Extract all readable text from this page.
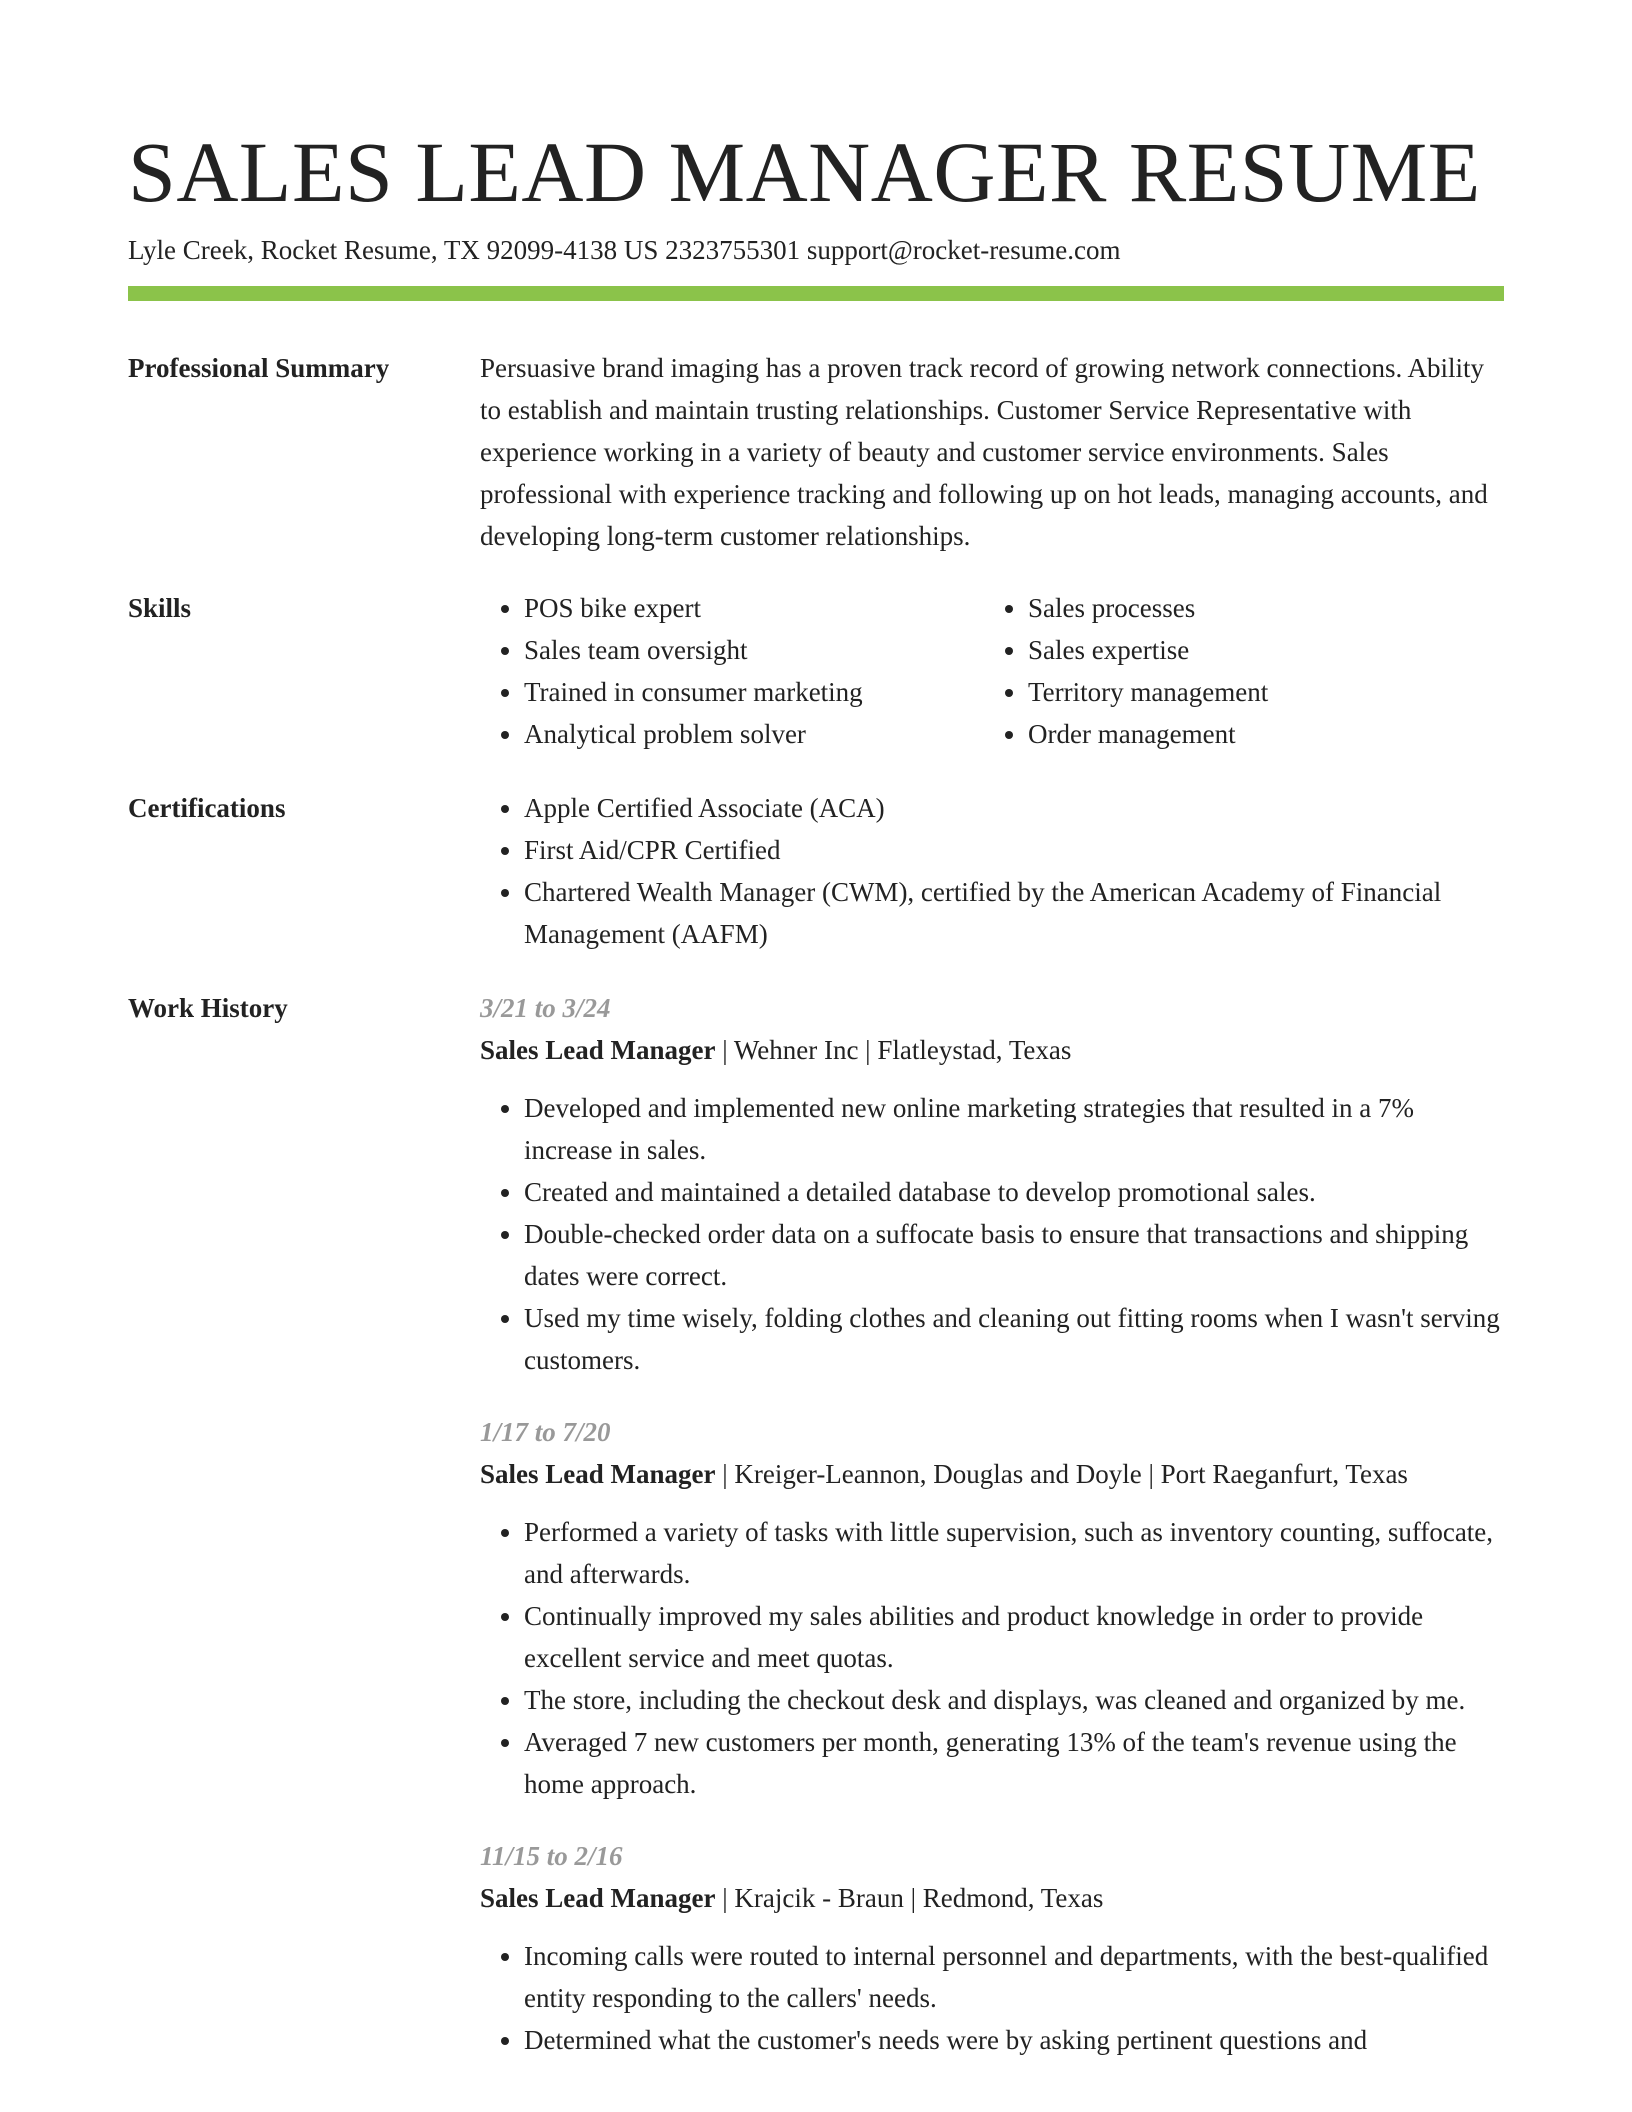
SALES LEAD MANAGER RESUME
Lyle Creek, Rocket Resume, TX 92099-4138 US 2323755301 support@rocket-resume.com
Professional Summary	Persuasive brand imaging has a proven track record of growing network connections. Ability to establish and maintain trusting relationships. Customer Service Representative with experience working in a variety of beauty and customer service environments. Sales professional with experience tracking and following up on hot leads, managing accounts, and developing long-term customer relationships.

Skills	• POS bike expert
• Sales team oversight
• Trained in consumer marketing
• Analytical problem solver
• Sales processes
• Sales expertise
• Territory management
• Order management
Certifications	• Apple Certified Associate (ACA)
• First Aid/CPR Certified
• Chartered Wealth Manager (CWM), certified by the American Academy of Financial Management (AAFM)
Work History	3/21 to 3/24
Sales Lead Manager | Wehner Inc | Flatleystad, Texas
• Developed and implemented new online marketing strategies that resulted in a 7% increase in sales.
• Created and maintained a detailed database to develop promotional sales.
• Double-checked order data on a suffocate basis to ensure that transactions and shipping dates were correct.
• Used my time wisely, folding clothes and cleaning out fitting rooms when I wasn't serving customers.
1/17 to 7/20
Sales Lead Manager | Kreiger-Leannon, Douglas and Doyle | Port Raeganfurt, Texas
• Performed a variety of tasks with little supervision, such as inventory counting, suffocate, and afterwards.
• Continually improved my sales abilities and product knowledge in order to provide excellent service and meet quotas.
• The store, including the checkout desk and displays, was cleaned and organized by me.
• Averaged 7 new customers per month, generating 13% of the team's revenue using the home approach.
11/15 to 2/16
Sales Lead Manager | Krajcik - Braun | Redmond, Texas
• Incoming calls were routed to internal personnel and departments, with the best-qualified entity responding to the callers' needs.
• Determined what the customer's needs were by asking pertinent questions and
